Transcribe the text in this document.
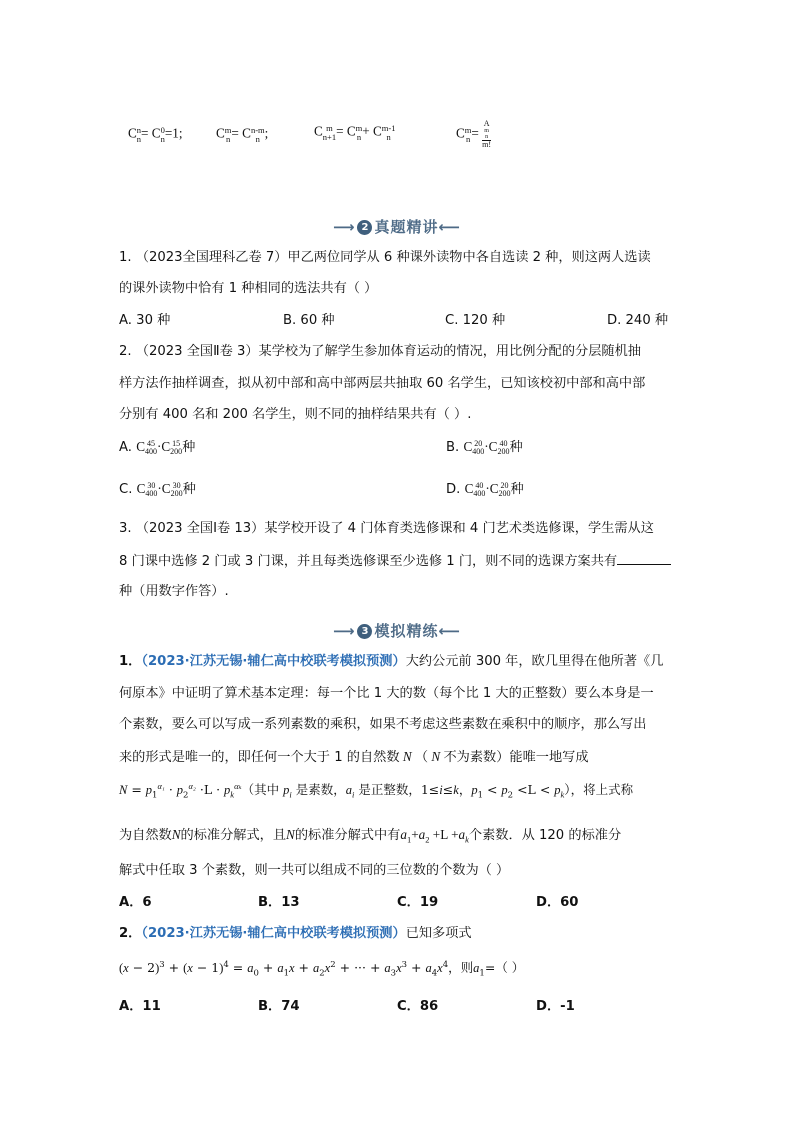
C n
n = C 0
n =1;	C m
n = C n-m
n ;	C m
n+1 = C m
n + C m-1
n	C m
n =
A
m
n
m!
⟶ 2 真题精讲⟵
1. （2023全国理科乙卷 7）甲乙两位同学从 6 种课外读物中各自选读 2 种，则这两人选读
的课外读物中恰有 1 种相同的选法共有（ ）
A. 30 种	B. 60 种	C. 120 种	D. 240 种
2. （2023 全国Ⅱ卷 3）某学校为了解学生参加体育运动的情况，用比例分配的分层随机抽
样方法作抽样调查，拟从初中部和高中部两层共抽取 60 名学生，已知该校初中部和高中部
分别有 400 名和 200 名学生，则不同的抽样结果共有（ ）.
A. C 45
400 ·C 15
200 种	B. C 20
400 ·C 40
200 种
C. C 30
400 ·C 30
200 种	D. C 40
400 ·C 20
200 种
3. （2023 全国Ⅰ卷 13）某学校开设了 4 门体育类选修课和 4 门艺术类选修课，学生需从这
8 门课中选修 2 门或 3 门课，并且每类选修课至少选修 1 门，则不同的选课方案共有
种（用数字作答）.
⟶ 3 模拟精练⟵
1．（2023·江苏无锡·辅仁高中校联考模拟预测）大约公元前 300 年，欧几里得在他所著《几
何原本》中证明了算术基本定理：每一个比 1 大的数（每个比 1 大的正整数）要么本身是一
个素数，要么可以写成一系列素数的乘积，如果不考虑这些素数在乘积中的顺序，那么写出
来的形式是唯一的，即任何一个大于 1 的自然数 N （ N 不为素数）能唯一地写成
$N = p_1^{\alpha_1} \cdot p_2^{\alpha_2} \cdot L \cdot p_k^{\alpha_k}$（其中 $p_i$ 是素数，$a_i$ 是正整数，1≤i≤k，$p_1 < p_2 <L < p_k$），将上式称
为自然数N的标准分解式，且N的标准分解式中有$a_1+a_2 +L +a_k$个素数．从 120 的标准分
解式中任取 3 个素数，则一共可以组成不同的三位数的个数为（ ）
A．6	B．13	C．19	D．60
2．（2023·江苏无锡·辅仁高中校联考模拟预测）已知多项式
$(x - 2)^3 + (x - 1)^4 = a_0 + a_1x + a_2x^2$ + ··· + $a_3x^3 + a_4x^4$，则$a_1=$（ ）
A．11	B．74	C．86	D．-1
